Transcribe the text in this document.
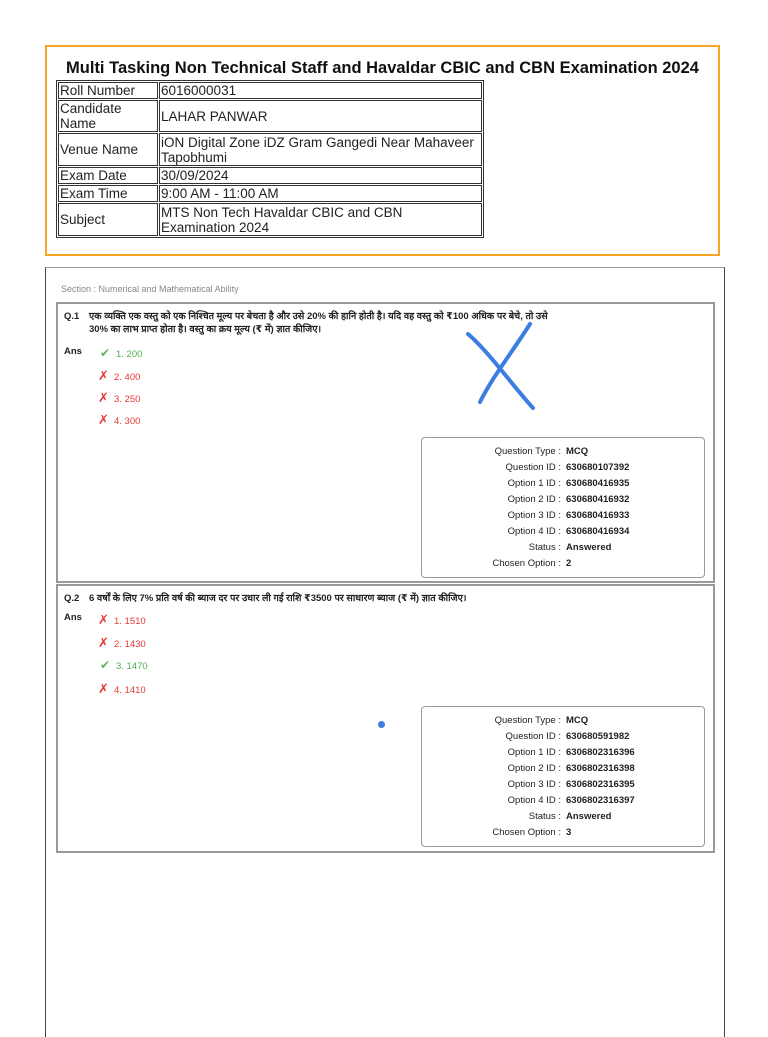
Multi Tasking Non Technical Staff and Havaldar CBIC and CBN Examination 2024
Roll Number	6016000031
Candidate Name	LAHAR PANWAR
Venue Name	iON Digital Zone iDZ Gram Gangedi Near Mahaveer Tapobhumi
Exam Date	30/09/2024
Exam Time	9:00 AM - 11:00 AM
Subject	MTS Non Tech Havaldar CBIC and CBN Examination 2024
Section : Numerical and Mathematical Ability
Q.1 एक व्यक्ति एक वस्तु को एक निश्चित मूल्य पर बेचता है और उसे 20% की हानि होती है। यदि वह वस्तु को ₹100 अधिक पर बेचे, तो उसे 30% का लाभ प्राप्त होता है। वस्तु का क्रय मूल्य (₹ में) ज्ञात कीजिए।
Ans ✔ 1. 200
✗ 2. 400
✗ 3. 250
✗ 4. 300
Question Type : MCQ
Question ID : 630680107392
Option 1 ID : 630680416935
Option 2 ID : 630680416932
Option 3 ID : 630680416933
Option 4 ID : 630680416934
Status : Answered
Chosen Option : 2
Q.2 6 वर्षों के लिए 7% प्रति वर्ष की ब्याज दर पर उधार ली गई राशि ₹3500 पर साधारण ब्याज (₹ में) ज्ञात कीजिए।
Ans ✗ 1. 1510
✗ 2. 1430
✔ 3. 1470
✗ 4. 1410
Question Type : MCQ
Question ID : 630680591982
Option 1 ID : 6306802316396
Option 2 ID : 6306802316398
Option 3 ID : 6306802316395
Option 4 ID : 6306802316397
Status : Answered
Chosen Option : 3
